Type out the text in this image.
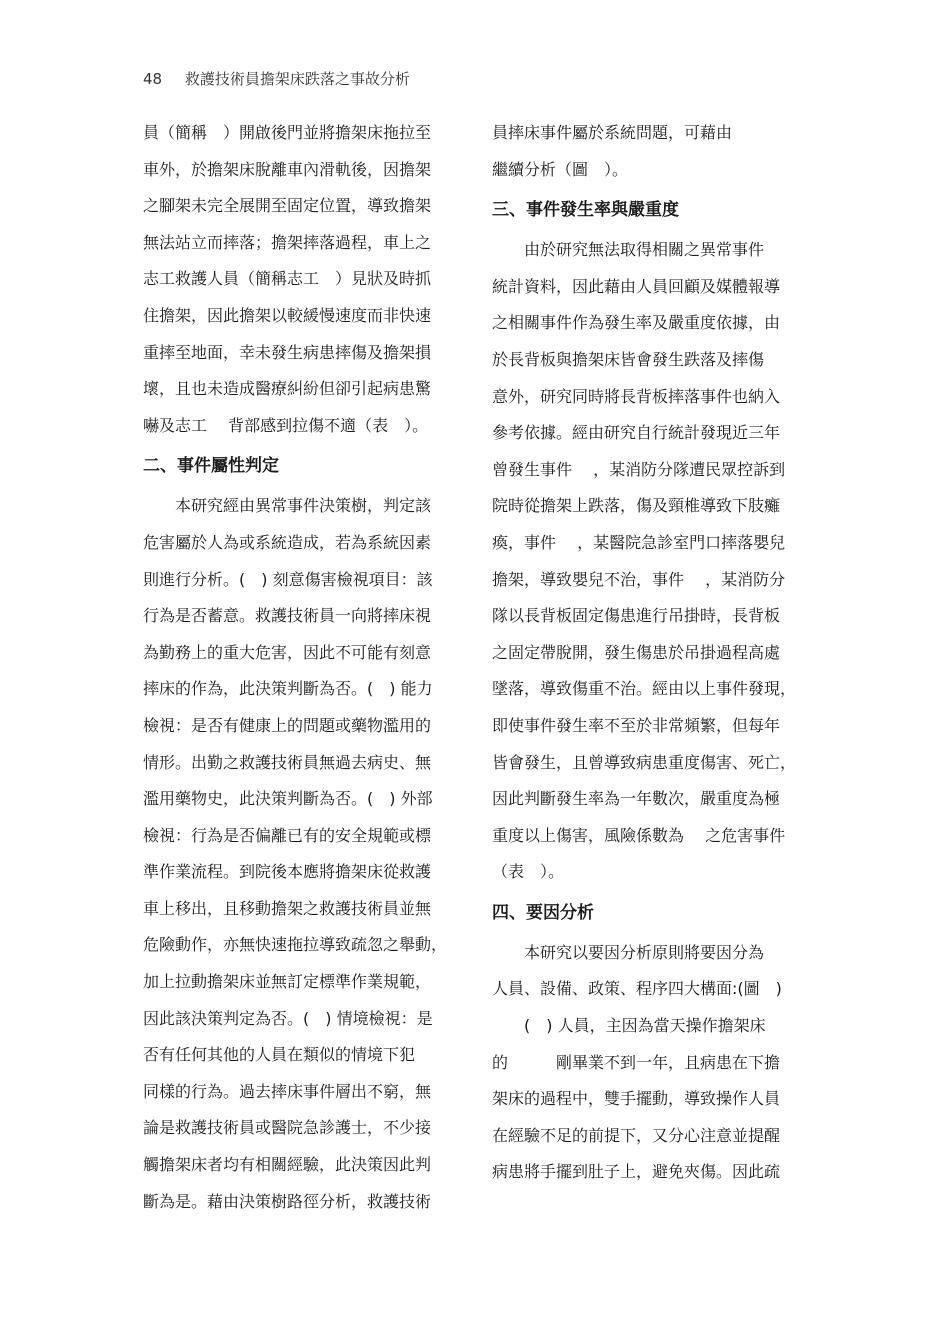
48 救護技術員擔架床跌落之事故分析
員（簡稱　）開啟後門並將擔架床拖拉至
車外，於擔架床脫離車內滑軌後，因擔架
之腳架未完全展開至固定位置，導致擔架
無法站立而摔落；擔架摔落過程，車上之
志工救護人員（簡稱志工　）見狀及時抓
住擔架，因此擔架以較緩慢速度而非快速
重摔至地面，幸未發生病患摔傷及擔架損
壞，且也未造成醫療糾紛但卻引起病患驚
嚇及志工　 背部感到拉傷不適（表　）。
二、事件屬性判定
　　本研究經由異常事件決策樹，判定該
危害屬於人為或系統造成，若為系統因素
則進行分析。(　) 刻意傷害檢視項目：該
行為是否蓄意。救護技術員一向將摔床視
為勤務上的重大危害，因此不可能有刻意
摔床的作為，此決策判斷為否。(　) 能力
檢視：是否有健康上的問題或藥物濫用的
情形。出勤之救護技術員無過去病史、無
濫用藥物史，此決策判斷為否。(　) 外部
檢視：行為是否偏離已有的安全規範或標
準作業流程。到院後本應將擔架床從救護
車上移出，且移動擔架之救護技術員並無
危險動作，亦無快速拖拉導致疏忽之舉動，
加上拉動擔架床並無訂定標準作業規範，
因此該決策判定為否。(　) 情境檢視：是
否有任何其他的人員在類似的情境下犯
同樣的行為。過去摔床事件層出不窮，無
論是救護技術員或醫院急診護士，不少接
觸擔架床者均有相關經驗，此決策因此判
斷為是。藉由決策樹路徑分析，救護技術
員摔床事件屬於系統問題，可藉由
繼續分析（圖　）。
三、事件發生率與嚴重度
　　由於研究無法取得相關之異常事件
統計資料，因此藉由人員回顧及媒體報導
之相關事件作為發生率及嚴重度依據，由
於長背板與擔架床皆會發生跌落及摔傷
意外，研究同時將長背板摔落事件也納入
參考依據。經由研究自行統計發現近三年
曾發生事件　 ，某消防分隊遭民眾控訴到
院時從擔架上跌落，傷及頸椎導致下肢癱
瘓，事件　 ，某醫院急診室門口摔落嬰兒
擔架，導致嬰兒不治，事件　 ，某消防分
隊以長背板固定傷患進行吊掛時，長背板
之固定帶脫開，發生傷患於吊掛過程高處
墜落，導致傷重不治。經由以上事件發現，
即使事件發生率不至於非常頻繁，但每年
皆會發生，且曾導致病患重度傷害、死亡，
因此判斷發生率為一年數次，嚴重度為極
重度以上傷害，風險係數為　 之危害事件
（表　）。
四、要因分析
　　本研究以要因分析原則將要因分為
人員、設備、政策、程序四大構面:(圖　)
　　(　) 人員，主因為當天操作擔架床
的　　　剛畢業不到一年，且病患在下擔
架床的過程中，雙手擺動，導致操作人員
在經驗不足的前提下，又分心注意並提醒
病患將手擺到肚子上，避免夾傷。因此疏
